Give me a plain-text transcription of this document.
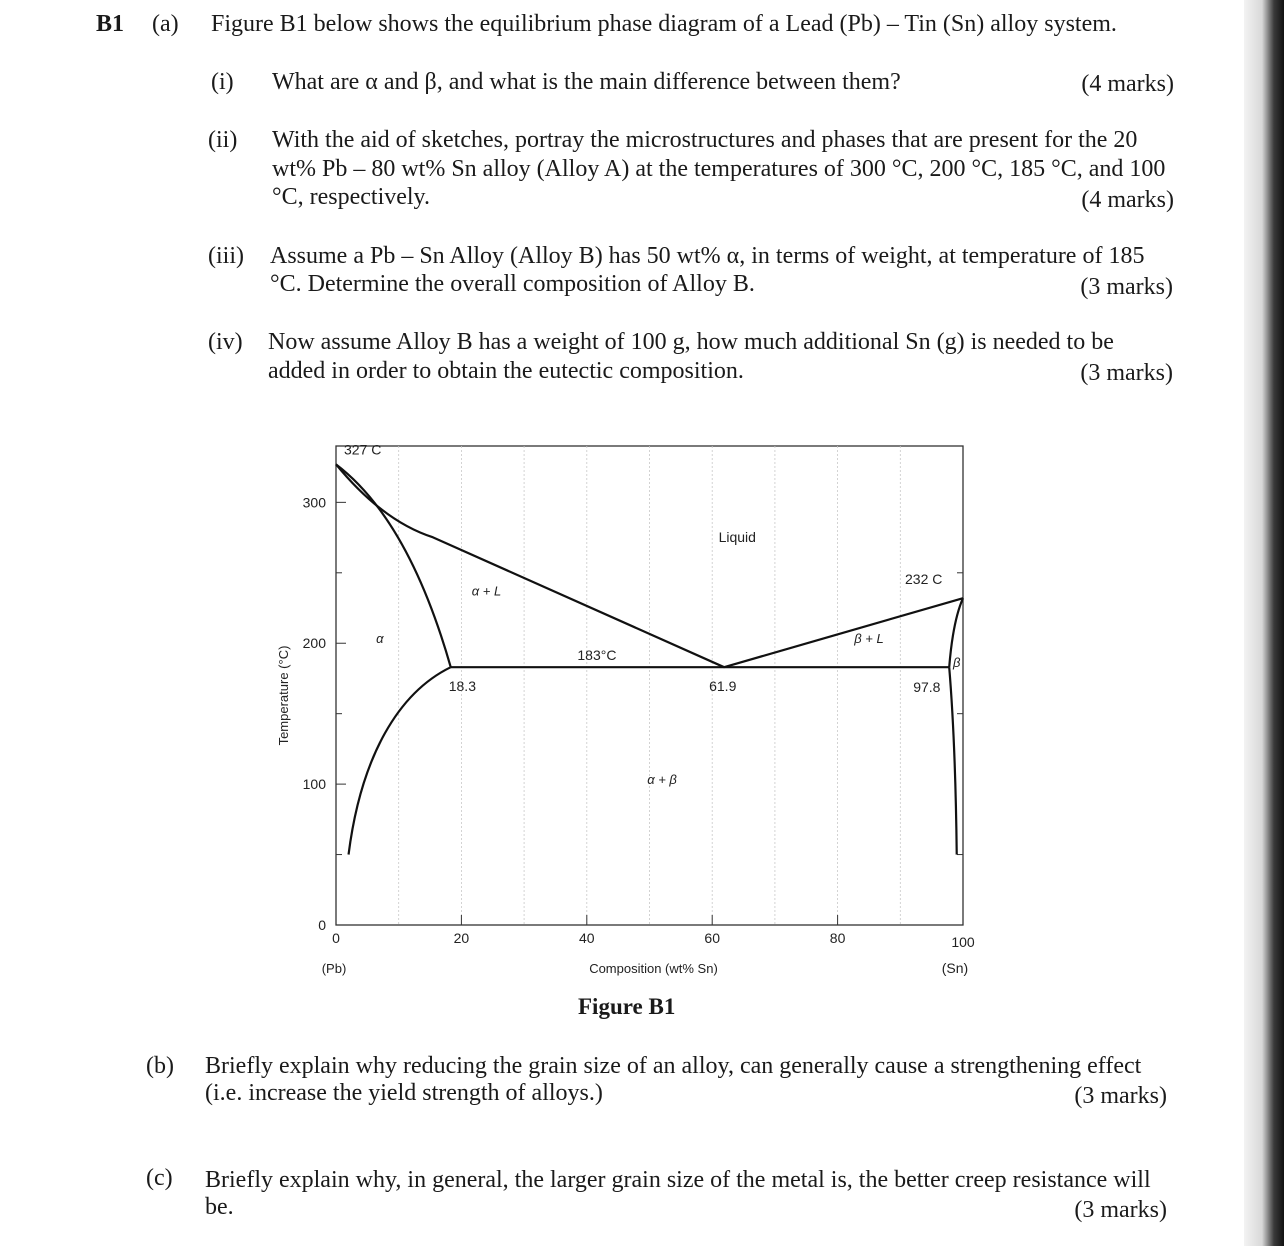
B1 (a) Figure B1 below shows the equilibrium phase diagram of a Lead (Pb) – Tin (Sn) alloy system.
(i) What are α and β, and what is the main difference between them?	(4 marks)
(ii) With the aid of sketches, portray the microstructures and phases that are present for the 20
wt% Pb – 80 wt% Sn alloy (Alloy A) at the temperatures of 300 °C, 200 °C, 185 °C, and 100
°C, respectively.	(4 marks)
(iii) Assume a Pb – Sn Alloy (Alloy B) has 50 wt% α, in terms of weight, at temperature of 185
°C. Determine the overall composition of Alloy B.	(3 marks)
(iv) Now assume Alloy B has a weight of 100 g, how much additional Sn (g) is needed to be
added in order to obtain the eutectic composition.	(3 marks)
0	20	40	60	80	100
0
100
200
300
Composition (wt% Sn)
(Pb)	(Sn)
Temperature (°C)
327 C
232 C
183°C
18.3	61.9	97.8
Liquid
α + L
α	β + L
β
α + β
Figure B1
(b) Briefly explain why reducing the grain size of an alloy, can generally cause a strengthening effect
(i.e. increase the yield strength of alloys.)	(3 marks)
(c) Briefly explain why, in general, the larger grain size of the metal is, the better creep resistance will
be.	(3 marks)
